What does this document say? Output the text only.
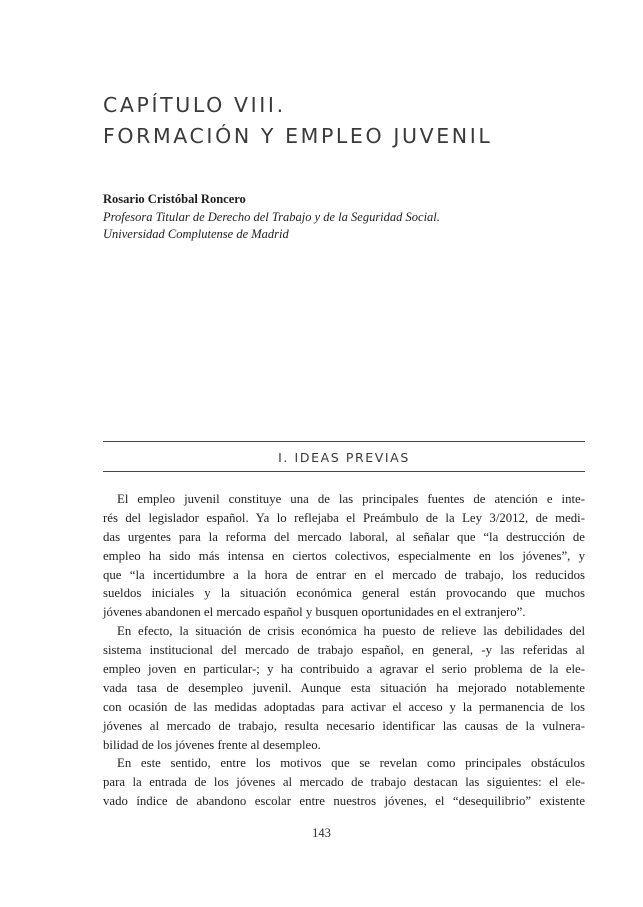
CAPÍTULO VIII.
FORMACIÓN Y EMPLEO JUVENIL
Rosario Cristóbal Roncero
Profesora Titular de Derecho del Trabajo y de la Seguridad Social.
Universidad Complutense de Madrid
I. IDEAS PREVIAS
El empleo juvenil constituye una de las principales fuentes de atención e inte-
rés del legislador español. Ya lo reflejaba el Preámbulo de la Ley 3/2012, de medi-
das urgentes para la reforma del mercado laboral, al señalar que “la destrucción de
empleo ha sido más intensa en ciertos colectivos, especialmente en los jóvenes”, y
que “la incertidumbre a la hora de entrar en el mercado de trabajo, los reducidos
sueldos iniciales y la situación económica general están provocando que muchos
jóvenes abandonen el mercado español y busquen oportunidades en el extranjero”.
En efecto, la situación de crisis económica ha puesto de relieve las debilidades del
sistema institucional del mercado de trabajo español, en general, -y las referidas al
empleo joven en particular-; y ha contribuido a agravar el serio problema de la ele-
vada tasa de desempleo juvenil. Aunque esta situación ha mejorado notablemente
con ocasión de las medidas adoptadas para activar el acceso y la permanencia de los
jóvenes al mercado de trabajo, resulta necesario identificar las causas de la vulnera-
bilidad de los jóvenes frente al desempleo.
En este sentido, entre los motivos que se revelan como principales obstáculos
para la entrada de los jóvenes al mercado de trabajo destacan las siguientes: el ele-
vado índice de abandono escolar entre nuestros jóvenes, el “desequilibrio” existente
143
